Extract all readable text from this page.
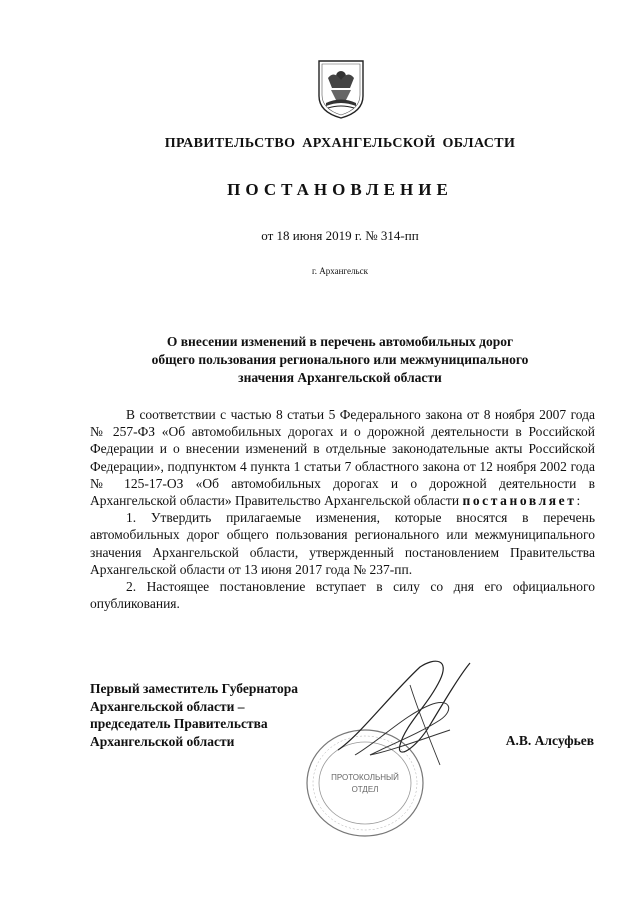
ПРАВИТЕЛЬСТВО АРХАНГЕЛЬСКОЙ ОБЛАСТИ
ПОСТАНОВЛЕНИЕ
от 18 июня 2019 г. № 314-пп
г. Архангельск
О внесении изменений в перечень автомобильных дорог
общего пользования регионального или межмуниципального
значения Архангельской области

В соответствии с частью 8 статьи 5 Федерального закона от 8 ноября 2007 года № 257-ФЗ «Об автомобильных дорогах и о дорожной деятельности в Российской Федерации и о внесении изменений в отдельные законодательные акты Российской Федерации», подпунктом 4 пункта 1 статьи 7 областного закона от 12 ноября 2002 года № 125-17-ОЗ «Об автомобильных дорогах и о дорожной деятельности в Архангельской области» Правительство Архангельской области постановляет:

1. Утвердить прилагаемые изменения, которые вносятся в перечень автомобильных дорог общего пользования регионального или межмуниципального значения Архангельской области, утвержденный постановлением Правительства Архангельской области от 13 июня 2017 года № 237-пп.

2. Настоящее постановление вступает в силу со дня его официального опубликования.

ПРОТОКОЛЬНЫЙ
ОТДЕЛ
Первый заместитель Губернатора
Архангельской области –
председатель Правительства
Архангельской области	А.В. Алсуфьев
